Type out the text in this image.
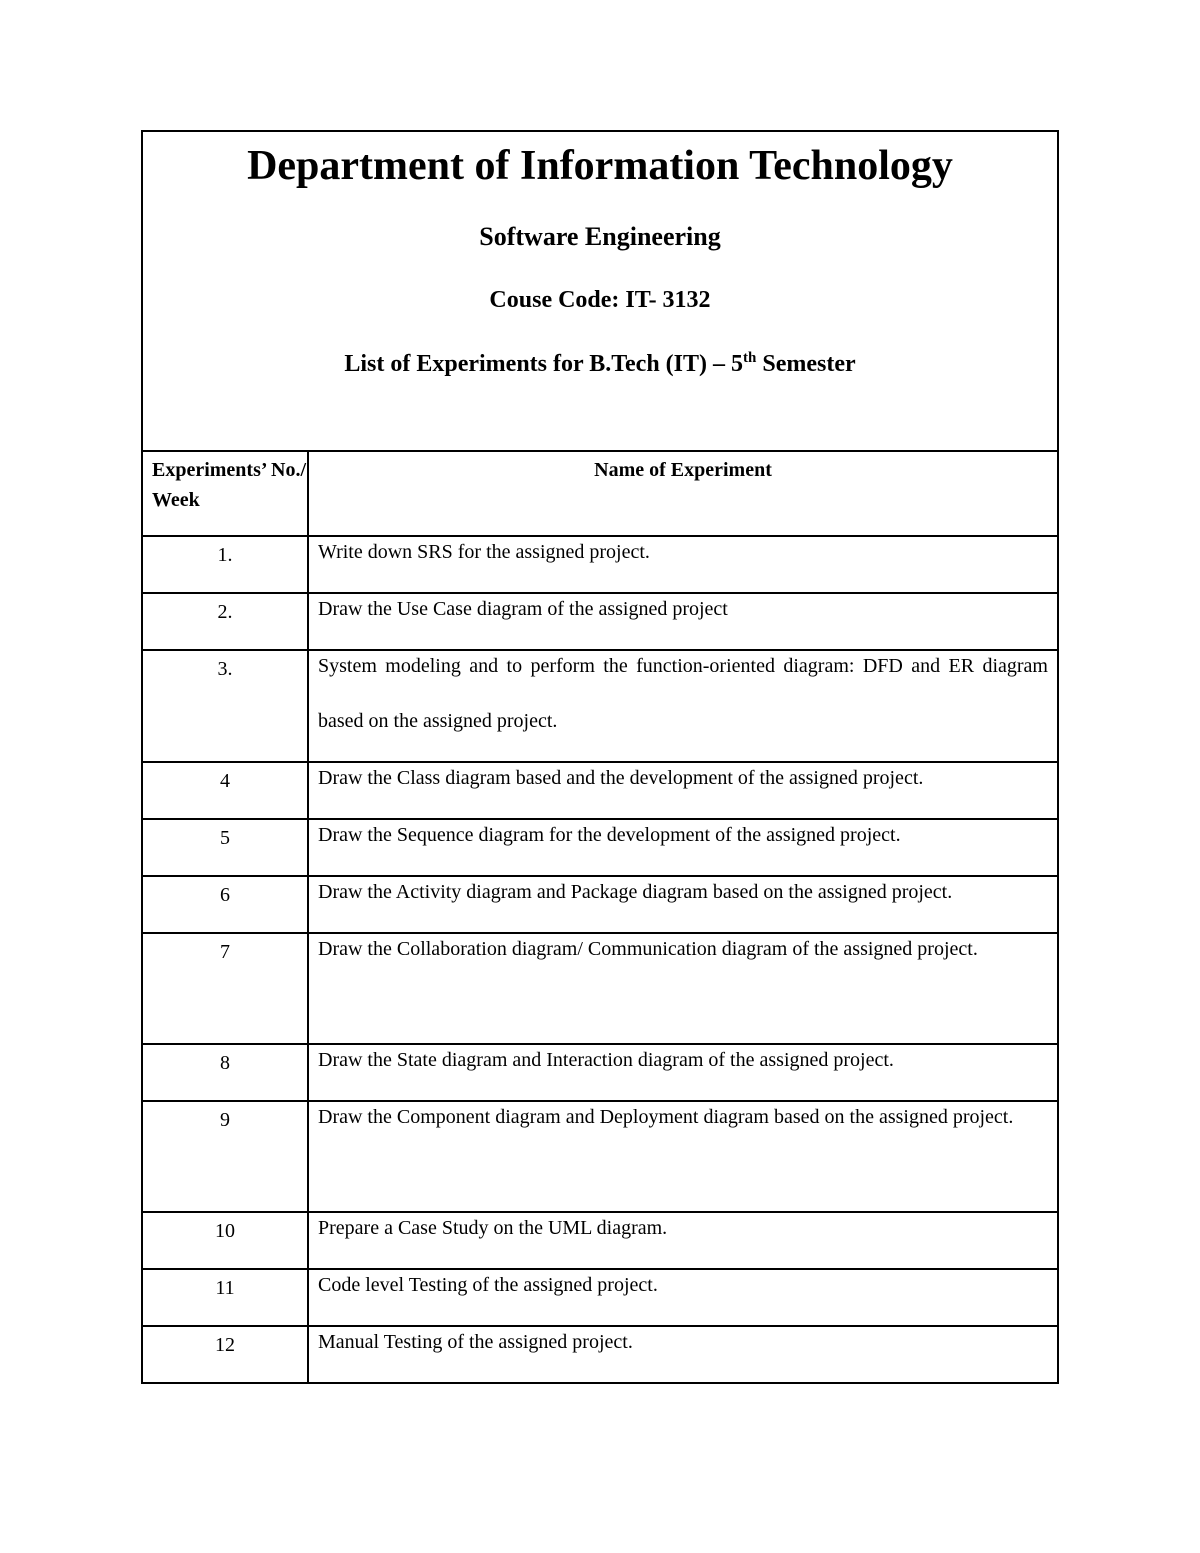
Department of Information Technology
Software Engineering
Couse Code: IT- 3132
List of Experiments for B.Tech (IT) – 5th Semester
Experiments’ No./ Week	Name of Experiment
1.	Write down SRS for the assigned project.

2.	Draw the Use Case diagram of the assigned project

3.	System modeling and to perform the function-oriented diagram: DFD and ER diagram based on the assigned project.

4	Draw the Class diagram based and the development of the assigned project.

5	Draw the Sequence diagram for the development of the assigned project.

6	Draw the Activity diagram and Package diagram based on the assigned project.

7	Draw the Collaboration diagram/ Communication diagram of the assigned project.

8	Draw the State diagram and Interaction diagram of the assigned project.

9	Draw the Component diagram and Deployment diagram based on the assigned project.

10	Prepare a Case Study on the UML diagram.

11	Code level Testing of the assigned project.

12	Manual Testing of the assigned project.
